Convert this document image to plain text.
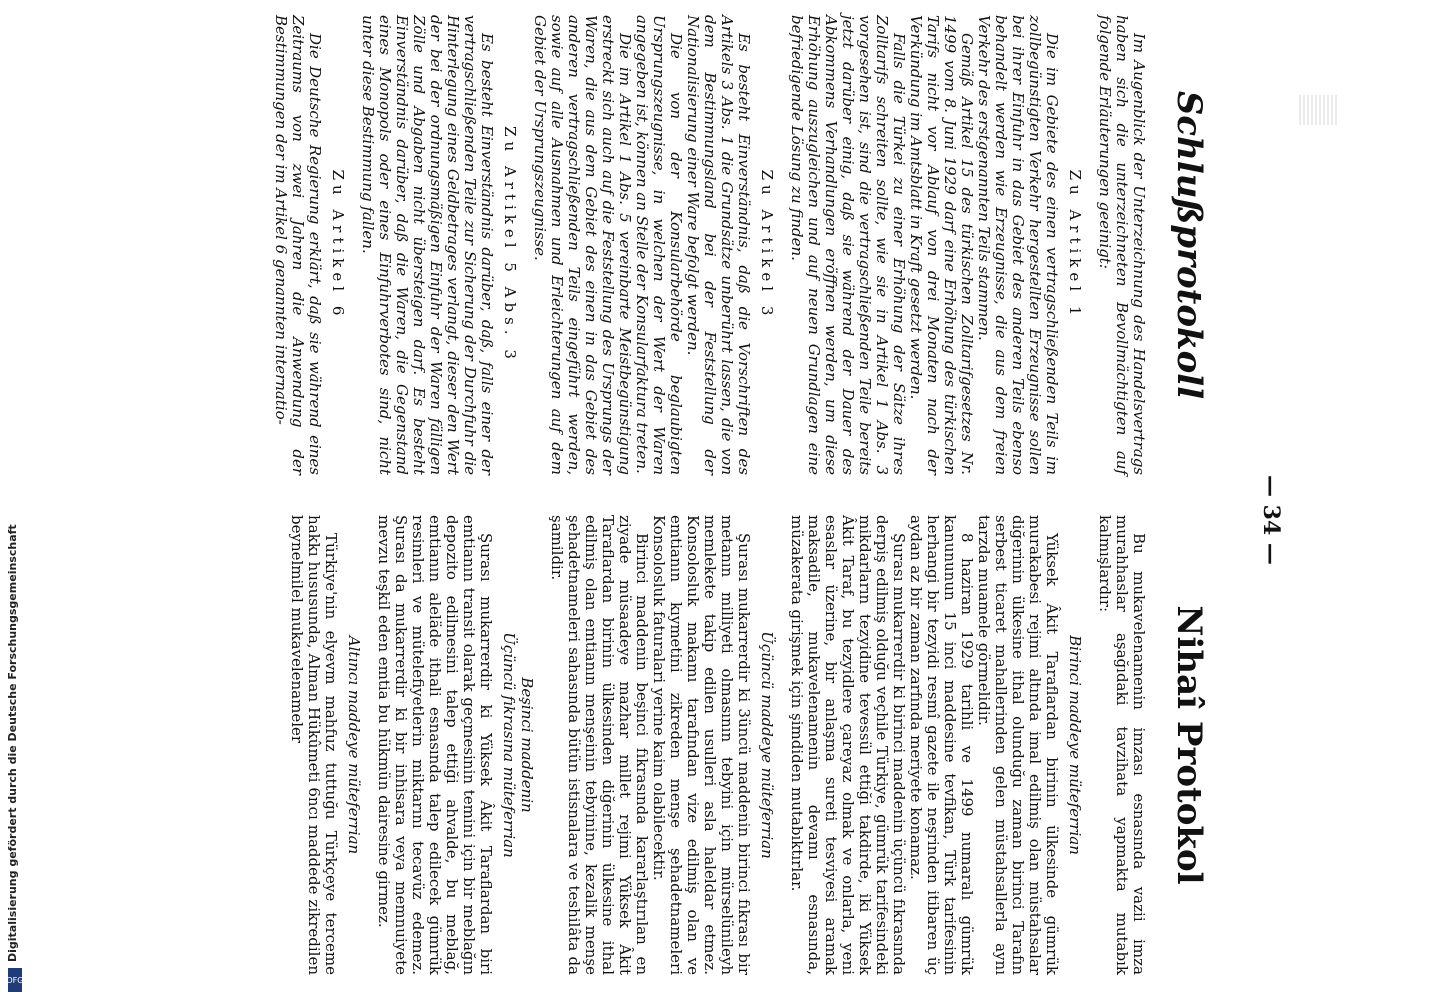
Nihaî Protokol

Bu mukavelenamenin imzası esnasında vazii imza murahhaslar aşağıdaki tavzihata yapmakta mutabık kalmışlardır:

Birinci maddeye müteferrian

Yüksek Âkit Taraflardan birinin ülkesinde gümrük murakabesi rejimi altında imal edilmiş olan müstahsalar diğerinin ülkesine ithal olunduğu zaman birinci Tarafın serbest ticaret mahallerinden gelen müstahsallerla aynı tarzda muamele görmelidir.

8 haziran 1929 tarihli ve 1499 numaralı gümrük kanununun 15 inci maddesine tevfikan, Türk tarifesinin herhangi bir tezyidi resmî gazete ile neşrinden itibaren üç aydan az bir zaman zarfında meriyete konamaz.

Şurası mukarrerdir ki birinci maddenin üçüncü fıkrasında derpiş edilmiş olduğu veçhile Türkiye, gümrük tarifesindeki mikdarların tezyidine tevessül ettiği takdirde, iki Yüksek Âkit Taraf, bu tezyidlere çareyaz olmak ve onlarla, yeni esaslar üzerine, bir anlaşma sureti tesviyesi aramak maksadile, mukavelenamenin devamı esnasında, müzakerata girişmek için şimdiden mutabıktırlar.

Üçüncü maddeye müteferrian

Şurası mukarrerdir ki 3üncü maddenin birinci fıkrası bir metanın milliyeti olmasının tebyini için mürselünileyh memlekete takip edilen usulleri asla haleldar etmez. Konsolosluk makamı tarafından vize edilmiş olan ve emtianın kıymetini zikreden menşe şehadetnameleri Konsolosluk faturalari yerine kaim olabilecektir.

Birinci maddenin beşinci fıkrasında kararlaştırılan en ziyade müsaadeye mazhar millet rejimi Yüksek Âkit Taraflardan birinin ülkesinden diğerinin ülkesine ithal edilmiş olan emtianın menşeinin tebyinine, kezalik menşe şehadetnameleri sahasında bütün istisnalara ve teshilâta da şamildir.

Beşinci maddenin
Üçüncü fıkrasına müteferrian

Şurası mukarrerdir ki Yüksek Âkit Taraflardan biri emtianın transit olarak geçmesinin temini için bir meblağın depozito edilmesini talep ettiği ahvalde, bu meblağ, emtianın aleläde ithali esnasında talep edilecek gümrük resimleri ve mütelefiyetlerin miktarını tecavüz edemez. Şurası da mukarrerdir ki bir inhisara veya memnuiyete mevzu teşkil eden emtia bu hükmün dairesine girmez.

Altıncı maddeye müteferrian

Türkiye'nin elyevm mahfuz tuttuğu Türkçeye terceme hakkı hususunda, Alman Hükûmeti 6ncı maddede zikredilen beynelmilel mukavelenameler

Schlußprotokoll

Im Augenblick der Unterzeichnung des Handelsvertrags haben sich die unterzeichneten Bevollmächtigten auf folgende Erläuterungen geeinigt:

Zu Artikel 1

Die im Gebiete des einen vertragschließenden Teils im zollbegünstigten Verkehr hergestellten Erzeugnisse sollen bei ihrer Einfuhr in das Gebiet des anderen Teils ebenso behandelt werden wie Erzeugnisse, die aus dem freien Verkehr des erstgenannten Teils stammen.

Gemäß Artikel 15 des türkischen Zolltarifgesetzes Nr. 1499 vom 8. Juni 1929 darf eine Erhöhung des türkischen Tarifs nicht vor Ablauf von drei Monaten nach der Verkündung im Amtsblatt in Kraft gesetzt werden.

Falls die Türkei zu einer Erhöhung der Sätze ihres Zolltarifs schreiten sollte, wie sie in Artikel 1 Abs. 3 vorgesehen ist, sind die vertragschließenden Teile bereits jetzt darüber einig, daß sie während der Dauer des Abkommens Verhandlungen eröffnen werden, um diese Erhöhung auszugleichen und auf neuen Grundlagen eine befriedigende Lösung zu finden.

Zu Artikel 3

Es besteht Einverständnis, daß die Vorschriften des Artikels 3 Abs. 1 die Grundsätze unberührt lassen, die von dem Bestimmungsland bei der Feststellung der Nationalisierung einer Ware befolgt werden.

Die von der Konsularbehörde beglaubigten Ursprungszeugnisse, in welchen der Wert der Waren angegeben ist, können an Stelle der Konsularfaktura treten.

Die im Artikel 1 Abs. 5 vereinbarte Meistbegünstigung erstreckt sich auch auf die Feststellung des Ursprungs der Waren, die aus dem Gebiet des einen in das Gebiet des anderen vertragschließenden Teils eingeführt werden, sowie auf alle Ausnahmen und Erleichterungen auf dem Gebiet der Ursprungszeugnisse.

Zu Artikel 5 Abs. 3

Es besteht Einverständnis darüber, daß, falls einer der vertragschließenden Teile zur Sicherung der Durchfuhr die Hinterlegung eines Geldbetrages verlangt, dieser den Wert der bei der ordnungsmäßigen Einfuhr der Waren fälligen Zölle und Abgaben nicht übersteigen darf. Es besteht Einverständnis darüber, daß die Waren, die Gegenstand eines Monopols oder eines Einfuhrverbotes sind, nicht unter diese Bestimmung fallen.

Zu Artikel 6

Die Deutsche Regierung erklärt, daß sie während eines Zeitraums von zwei Jahren die Anwendung der Bestimmungen der im Artikel 6 genannten internatio-

— 34 —
Digitalisierung gefördert durch die Deutsche Forschungsgemeinschaft
DFG
